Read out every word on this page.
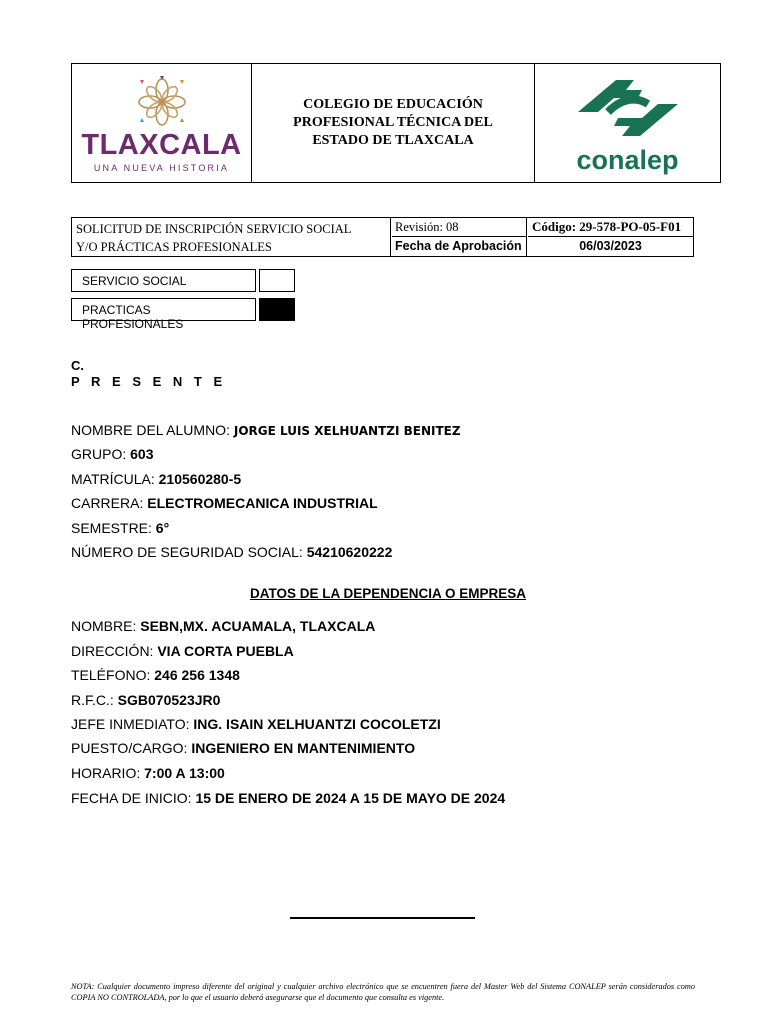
TLAXCALA
UNA NUEVA HISTORIA
COLEGIO DE EDUCACIÓN
PROFESIONAL TÉCNICA DEL
ESTADO DE TLAXCALA
conalep
SOLICITUD DE INSCRIPCIÓN SERVICIO SOCIAL
Y/O PRÁCTICAS PROFESIONALES
Revisión: 08	Código: 29-578-PO-05-F01
Fecha de Aprobación	06/03/2023
SERVICIO SOCIAL
PRACTICAS PROFESIONALES
C.
P R E S E N T E
NOMBRE DEL ALUMNO: JORGE LUIS XELHUANTZI BENITEZ
GRUPO: 603
MATRÍCULA: 210560280-5
CARRERA: ELECTROMECANICA INDUSTRIAL
SEMESTRE: 6°
NÚMERO DE SEGURIDAD SOCIAL: 54210620222
DATOS DE LA DEPENDENCIA O EMPRESA
NOMBRE: SEBN,MX. ACUAMALA, TLAXCALA
DIRECCIÓN: VIA CORTA PUEBLA
TELÉFONO: 246 256 1348
R.F.C.: SGB070523JR0
JEFE INMEDIATO: ING. ISAIN XELHUANTZI COCOLETZI
PUESTO/CARGO: INGENIERO EN MANTENIMIENTO
HORARIO: 7:00 A 13:00
FECHA DE INICIO: 15 DE ENERO DE 2024 A 15 DE MAYO DE 2024
NOTA: Cualquier documento impreso diferente del original y cualquier archivo electrónico que se encuentren fuera del Master Web del Sistema CONALEP serán considerados como COPIA NO CONTROLADA, por lo que el usuario deberá asegurarse que el documento que consulta es vigente.
